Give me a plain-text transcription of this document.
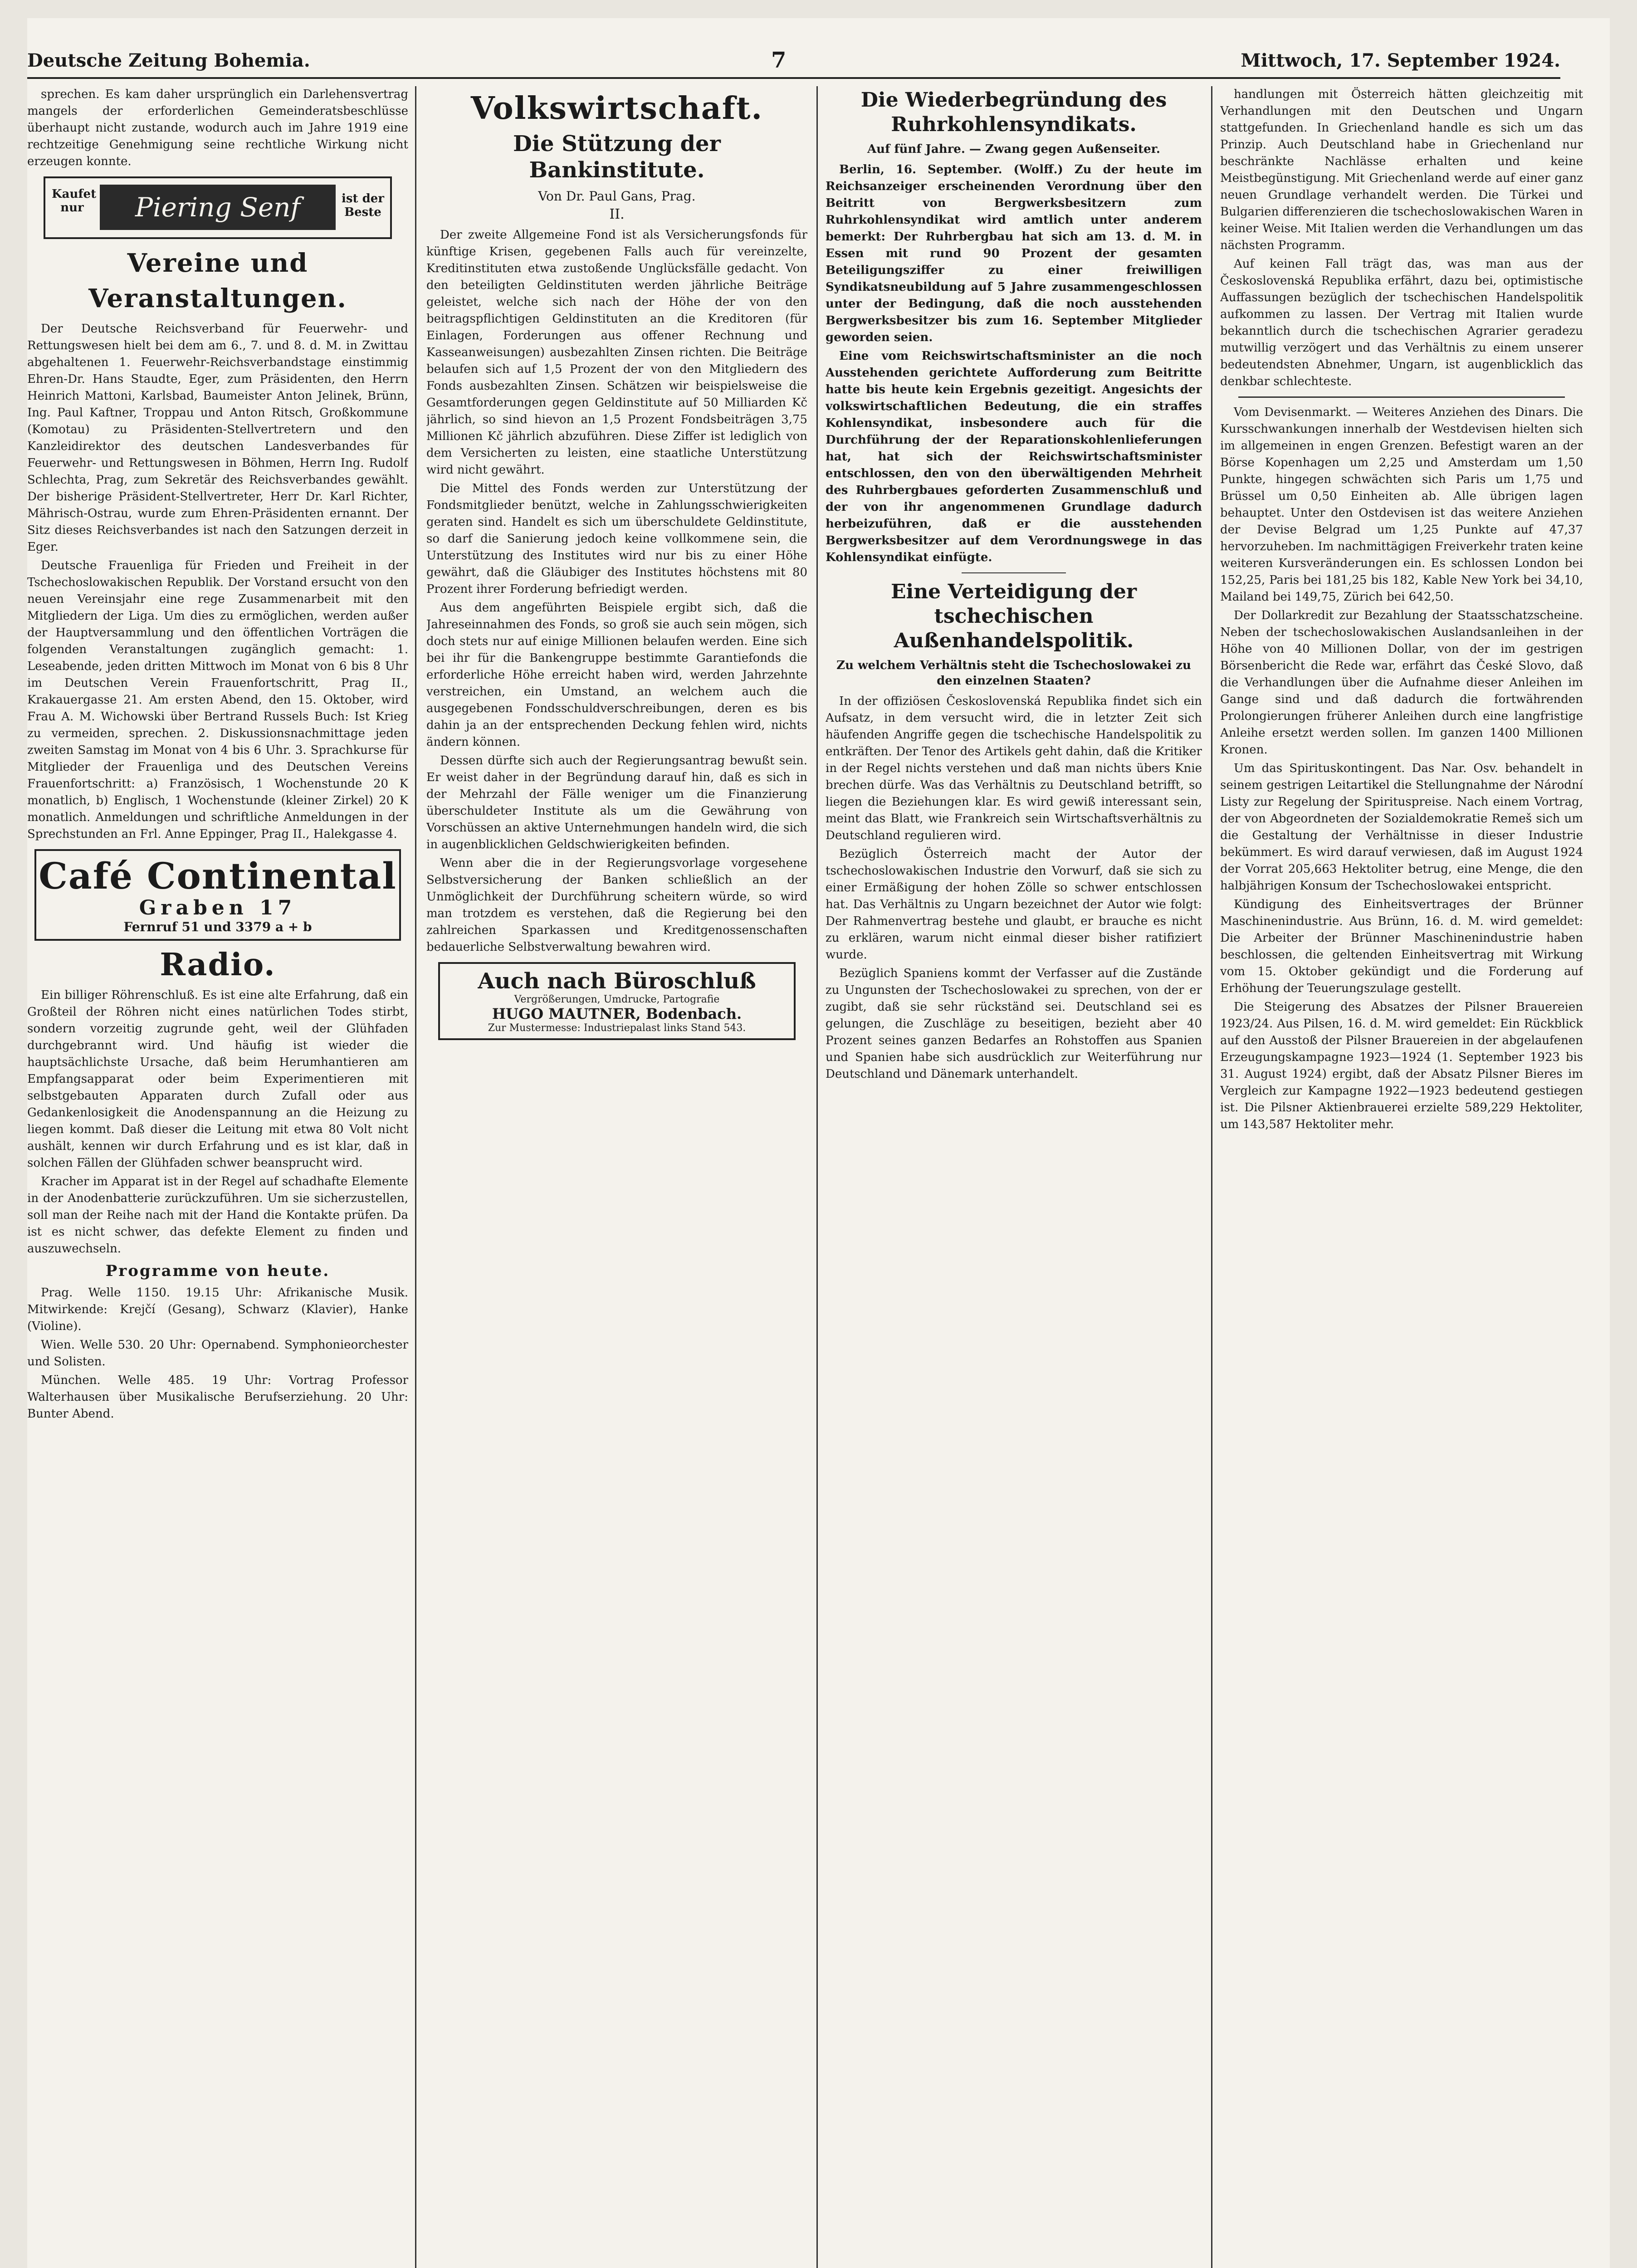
Deutsche Zeitung Bohemia.	7	Mittwoch, 17. September 1924.

sprechen. Es kam daher ursprünglich ein Darlehensvertrag mangels der erforderlichen Gemeinderatsbeschlüsse überhaupt nicht zustande, wodurch auch im Jahre 1919 eine rechtzeitige Genehmigung seine rechtliche Wirkung nicht erzeugen konnte.

Kaufet nur	Piering Senf	ist der Beste
Vereine und Veranstaltungen.

Der Deutsche Reichsverband für Feuerwehr- und Rettungswesen hielt bei dem am 6., 7. und 8. d. M. in Zwittau abgehaltenen 1. Feuerwehr-Reichsverbandstage einstimmig Ehren-Dr. Hans Staudte, Eger, zum Präsidenten, den Herrn Heinrich Mattoni, Karlsbad, Baumeister Anton Jelinek, Brünn, Ing. Paul Kaftner, Troppau und Anton Ritsch, Großkommune (Komotau) zu Präsidenten-Stellvertretern und den Kanzleidirektor des deutschen Landesverbandes für Feuerwehr- und Rettungswesen in Böhmen, Herrn Ing. Rudolf Schlechta, Prag, zum Sekretär des Reichsverbandes gewählt. Der bisherige Präsident-Stellvertreter, Herr Dr. Karl Richter, Mährisch-Ostrau, wurde zum Ehren-Präsidenten ernannt. Der Sitz dieses Reichsverbandes ist nach den Satzungen derzeit in Eger.

Deutsche Frauenliga für Frieden und Freiheit in der Tschechoslowakischen Republik. Der Vorstand ersucht von den neuen Vereinsjahr eine rege Zusammenarbeit mit den Mitgliedern der Liga. Um dies zu ermöglichen, werden außer der Hauptversammlung und den öffentlichen Vorträgen die folgenden Veranstaltungen zugänglich gemacht: 1. Leseabende, jeden dritten Mittwoch im Monat von 6 bis 8 Uhr im Deutschen Verein Frauenfortschritt, Prag II., Krakauergasse 21. Am ersten Abend, den 15. Oktober, wird Frau A. M. Wichowski über Bertrand Russels Buch: Ist Krieg zu vermeiden, sprechen. 2. Diskussionsnachmittage jeden zweiten Samstag im Monat von 4 bis 6 Uhr. 3. Sprachkurse für Mitglieder der Frauenliga und des Deutschen Vereins Frauenfortschritt: a) Französisch, 1 Wochenstunde 20 K monatlich, b) Englisch, 1 Wochenstunde (kleiner Zirkel) 20 K monatlich. Anmeldungen und schriftliche Anmeldungen in der Sprechstunden an Frl. Anne Eppinger, Prag II., Halekgasse 4.

Café Continental
Graben 17
Fernruf 51 und 3379 a + b
Radio.

Ein billiger Röhrenschluß. Es ist eine alte Erfahrung, daß ein Großteil der Röhren nicht eines natürlichen Todes stirbt, sondern vorzeitig zugrunde geht, weil der Glühfaden durchgebrannt wird. Und häufig ist wieder die hauptsächlichste Ursache, daß beim Herumhantieren am Empfangsapparat oder beim Experimentieren mit selbstgebauten Apparaten durch Zufall oder aus Gedankenlosigkeit die Anodenspannung an die Heizung zu liegen kommt. Daß dieser die Leitung mit etwa 80 Volt nicht aushält, kennen wir durch Erfahrung und es ist klar, daß in solchen Fällen der Glühfaden schwer beansprucht wird.

Kracher im Apparat ist in der Regel auf schadhafte Elemente in der Anodenbatterie zurückzuführen. Um sie sicherzustellen, soll man der Reihe nach mit der Hand die Kontakte prüfen. Da ist es nicht schwer, das defekte Element zu finden und auszuwechseln.

Programme von heute.

Prag. Welle 1150. 19.15 Uhr: Afrikanische Musik. Mitwirkende: Krejčí (Gesang), Schwarz (Klavier), Hanke (Violine).

Wien. Welle 530. 20 Uhr: Opernabend. Symphonieorchester und Solisten.

München. Welle 485. 19 Uhr: Vortrag Professor Walterhausen über Musikalische Berufserziehung. 20 Uhr: Bunter Abend.

Volkswirtschaft.
Die Stützung der Bankinstitute.
Von Dr. Paul Gans, Prag.
II.

Der zweite Allgemeine Fond ist als Versicherungsfonds für künftige Krisen, gegebenen Falls auch für vereinzelte, Kreditinstituten etwa zustoßende Unglücksfälle gedacht. Von den beteiligten Geldinstituten werden jährliche Beiträge geleistet, welche sich nach der Höhe der von den beitragspflichtigen Geldinstituten an die Kreditoren (für Einlagen, Forderungen aus offener Rechnung und Kasseanweisungen) ausbezahlten Zinsen richten. Die Beiträge belaufen sich auf 1,5 Prozent der von den Mitgliedern des Fonds ausbezahlten Zinsen. Schätzen wir beispielsweise die Gesamtforderungen gegen Geldinstitute auf 50 Milliarden Kč jährlich, so sind hievon an 1,5 Prozent Fondsbeiträgen 3,75 Millionen Kč jährlich abzuführen. Diese Ziffer ist lediglich von dem Versicherten zu leisten, eine staatliche Unterstützung wird nicht gewährt.

Die Mittel des Fonds werden zur Unterstützung der Fondsmitglieder benützt, welche in Zahlungsschwierigkeiten geraten sind. Handelt es sich um überschuldete Geldinstitute, so darf die Sanierung jedoch keine vollkommene sein, die Unterstützung des Institutes wird nur bis zu einer Höhe gewährt, daß die Gläubiger des Institutes höchstens mit 80 Prozent ihrer Forderung befriedigt werden.

Aus dem angeführten Beispiele ergibt sich, daß die Jahreseinnahmen des Fonds, so groß sie auch sein mögen, sich doch stets nur auf einige Millionen belaufen werden. Eine sich bei ihr für die Bankengruppe bestimmte Garantiefonds die erforderliche Höhe erreicht haben wird, werden Jahrzehnte verstreichen, ein Umstand, an welchem auch die ausgegebenen Fondsschuldverschreibungen, deren es bis dahin ja an der entsprechenden Deckung fehlen wird, nichts ändern können.

Dessen dürfte sich auch der Regierungsantrag bewußt sein. Er weist daher in der Begründung darauf hin, daß es sich in der Mehrzahl der Fälle weniger um die Finanzierung überschuldeter Institute als um die Gewährung von Vorschüssen an aktive Unternehmungen handeln wird, die sich in augenblicklichen Geldschwierigkeiten befinden.

Wenn aber die in der Regierungsvorlage vorgesehene Selbstversicherung der Banken schließlich an der Unmöglichkeit der Durchführung scheitern würde, so wird man trotzdem es verstehen, daß die Regierung bei den zahlreichen Sparkassen und Kreditgenossenschaften bedauerliche Selbstverwaltung bewahren wird.

Auch nach Büroschluß
Vergrößerungen, Umdrucke, Partografie
HUGO MAUTNER, Bodenbach.
Zur Mustermesse: Industriepalast links Stand 543.
Die Wiederbegründung des Ruhrkohlensyndikats.
Auf fünf Jahre. — Zwang gegen Außenseiter.

Berlin, 16. September. (Wolff.) Zu der heute im Reichsanzeiger erscheinenden Verordnung über den Beitritt von Bergwerksbesitzern zum Ruhrkohlensyndikat wird amtlich unter anderem bemerkt: Der Ruhrbergbau hat sich am 13. d. M. in Essen mit rund 90 Prozent der gesamten Beteiligungsziffer zu einer freiwilligen Syndikatsneubildung auf 5 Jahre zusammengeschlossen unter der Bedingung, daß die noch ausstehenden Bergwerksbesitzer bis zum 16. September Mitglieder geworden seien.

Eine vom Reichswirtschaftsminister an die noch Ausstehenden gerichtete Aufforderung zum Beitritte hatte bis heute kein Ergebnis gezeitigt. Angesichts der volkswirtschaftlichen Bedeutung, die ein straffes Kohlensyndikat, insbesondere auch für die Durchführung der der Reparationskohlenlieferungen hat, hat sich der Reichswirtschaftsminister entschlossen, den von den überwältigenden Mehrheit des Ruhrbergbaues geforderten Zusammenschluß und der von ihr angenommenen Grundlage dadurch herbeizuführen, daß er die ausstehenden Bergwerksbesitzer auf dem Verordnungswege in das Kohlensyndikat einfügte.

Eine Verteidigung der tschechischen Außenhandelspolitik.
Zu welchem Verhältnis steht die Tschechoslowakei zu den einzelnen Staaten?

In der offiziösen Československá Republika findet sich ein Aufsatz, in dem versucht wird, die in letzter Zeit sich häufenden Angriffe gegen die tschechische Handelspolitik zu entkräften. Der Tenor des Artikels geht dahin, daß die Kritiker in der Regel nichts verstehen und daß man nichts übers Knie brechen dürfe. Was das Verhältnis zu Deutschland betrifft, so liegen die Beziehungen klar. Es wird gewiß interessant sein, meint das Blatt, wie Frankreich sein Wirtschaftsverhältnis zu Deutschland regulieren wird.

Bezüglich Österreich macht der Autor der tschechoslowakischen Industrie den Vorwurf, daß sie sich zu einer Ermäßigung der hohen Zölle so schwer entschlossen hat. Das Verhältnis zu Ungarn bezeichnet der Autor wie folgt: Der Rahmenvertrag bestehe und glaubt, er brauche es nicht zu erklären, warum nicht einmal dieser bisher ratifiziert wurde.

Bezüglich Spaniens kommt der Verfasser auf die Zustände zu Ungunsten der Tschechoslowakei zu sprechen, von der er zugibt, daß sie sehr rückständ sei. Deutschland sei es gelungen, die Zuschläge zu beseitigen, bezieht aber 40 Prozent seines ganzen Bedarfes an Rohstoffen aus Spanien und Spanien habe sich ausdrücklich zur Weiterführung nur Deutschland und Dänemark unterhandelt.

handlungen mit Österreich hätten gleichzeitig mit Verhandlungen mit den Deutschen und Ungarn stattgefunden. In Griechenland handle es sich um das Prinzip. Auch Deutschland habe in Griechenland nur beschränkte Nachlässe erhalten und keine Meistbegünstigung. Mit Griechenland werde auf einer ganz neuen Grundlage verhandelt werden. Die Türkei und Bulgarien differenzieren die tschechoslowakischen Waren in keiner Weise. Mit Italien werden die Verhandlungen um das nächsten Programm.

Auf keinen Fall trägt das, was man aus der Československá Republika erfährt, dazu bei, optimistische Auffassungen bezüglich der tschechischen Handelspolitik aufkommen zu lassen. Der Vertrag mit Italien wurde bekanntlich durch die tschechischen Agrarier geradezu mutwillig verzögert und das Verhältnis zu einem unserer bedeutendsten Abnehmer, Ungarn, ist augenblicklich das denkbar schlechteste.

Vom Devisenmarkt. — Weiteres Anziehen des Dinars. Die Kursschwankungen innerhalb der Westdevisen hielten sich im allgemeinen in engen Grenzen. Befestigt waren an der Börse Kopenhagen um 2,25 und Amsterdam um 1,50 Punkte, hingegen schwächten sich Paris um 1,75 und Brüssel um 0,50 Einheiten ab. Alle übrigen lagen behauptet. Unter den Ostdevisen ist das weitere Anziehen der Devise Belgrad um 1,25 Punkte auf 47,37 hervorzuheben. Im nachmittägigen Freiverkehr traten keine weiteren Kursveränderungen ein. Es schlossen London bei 152,25, Paris bei 181,25 bis 182, Kable New York bei 34,10, Mailand bei 149,75, Zürich bei 642,50.

Der Dollarkredit zur Bezahlung der Staatsschatzscheine. Neben der tschechoslowakischen Auslandsanleihen in der Höhe von 40 Millionen Dollar, von der im gestrigen Börsenbericht die Rede war, erfährt das České Slovo, daß die Verhandlungen über die Aufnahme dieser Anleihen im Gange sind und daß dadurch die fortwährenden Prolongierungen früherer Anleihen durch eine langfristige Anleihe ersetzt werden sollen. Im ganzen 1400 Millionen Kronen.

Um das Spirituskontingent. Das Nar. Osv. behandelt in seinem gestrigen Leitartikel die Stellungnahme der Národní Listy zur Regelung der Spirituspreise. Nach einem Vortrag, der von Abgeordneten der Sozialdemokratie Remeš sich um die Gestaltung der Verhältnisse in dieser Industrie bekümmert. Es wird darauf verwiesen, daß im August 1924 der Vorrat 205,663 Hektoliter betrug, eine Menge, die den halbjährigen Konsum der Tschechoslowakei entspricht.

Kündigung des Einheitsvertrages der Brünner Maschinenindustrie. Aus Brünn, 16. d. M. wird gemeldet: Die Arbeiter der Brünner Maschinenindustrie haben beschlossen, die geltenden Einheitsvertrag mit Wirkung vom 15. Oktober gekündigt und die Forderung auf Erhöhung der Teuerungszulage gestellt.

Die Steigerung des Absatzes der Pilsner Brauereien 1923/24. Aus Pilsen, 16. d. M. wird gemeldet: Ein Rückblick auf den Ausstoß der Pilsner Brauereien in der abgelaufenen Erzeugungskampagne 1923—1924 (1. September 1923 bis 31. August 1924) ergibt, daß der Absatz Pilsner Bieres im Vergleich zur Kampagne 1922—1923 bedeutend gestiegen ist. Die Pilsner Aktienbrauerei erzielte 589,229 Hektoliter, um 143,587 Hektoliter mehr.
